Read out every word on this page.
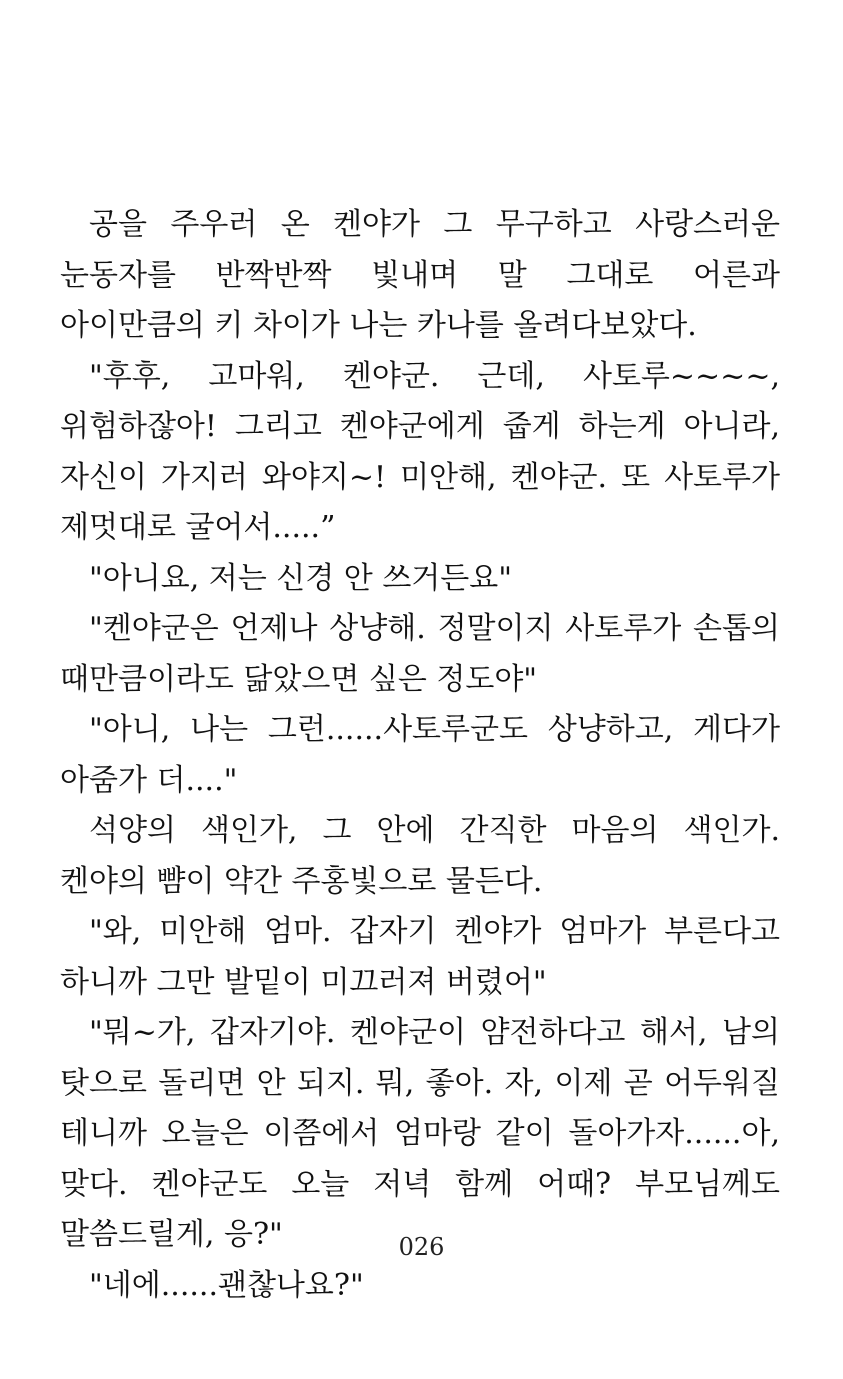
공을 주우러 온 켄야가 그 무구하고 사랑스러운 눈동자를 반짝반짝 빛내며 말 그대로 어른과 아이만큼의 키 차이가 나는 카나를 올려다보았다.

"후후, 고마워, 켄야군. 근데, 사토루~~~~, 위험하잖아! 그리고 켄야군에게 줍게 하는게 아니라, 자신이 가지러 와야지~! 미안해, 켄야군. 또 사토루가 제멋대로 굴어서.....”

"아니요, 저는 신경 안 쓰거든요"

"켄야군은 언제나 상냥해. 정말이지 사토루가 손톱의 때만큼이라도 닮았으면 싶은 정도야"

"아니, 나는 그런......사토루군도 상냥하고, 게다가 아줌가 더...."

석양의 색인가, 그 안에 간직한 마음의 색인가. 켄야의 뺨이 약간 주홍빛으로 물든다.

"와, 미안해 엄마. 갑자기 켄야가 엄마가 부른다고 하니까 그만 발밑이 미끄러져 버렸어"

"뭐~가, 갑자기야. 켄야군이 얌전하다고 해서, 남의 탓으로 돌리면 안 되지. 뭐, 좋아. 자, 이제 곧 어두워질 테니까 오늘은 이쯤에서 엄마랑 같이 돌아가자......아, 맞다. 켄야군도 오늘 저녁 함께 어때? 부모님께도 말씀드릴게, 응?"

"네에......괜찮나요?"

026
